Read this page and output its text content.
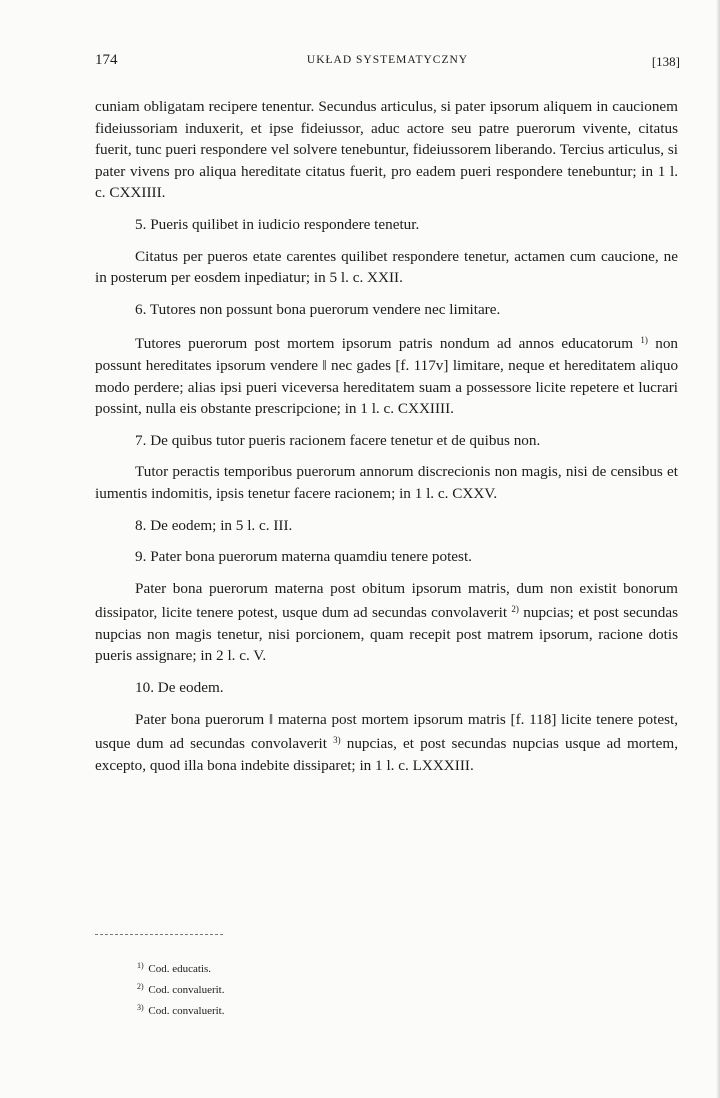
174	UKŁAD SYSTEMATYCZNY	[138]

cuniam obligatam recipere tenentur. Secundus articulus, si pater ipsorum aliquem in caucionem fideiussoriam induxerit, et ipse fideiussor, aduc actore seu patre puerorum vivente, citatus fuerit, tunc pueri respondere vel solvere tenebuntur, fideiussorem liberando. Tercius articulus, si pater vivens pro aliqua hereditate citatus fuerit, pro eadem pueri respondere tenebuntur; in 1 l. c. CXXIIII.

5. Pueris quilibet in iudicio respondere tenetur.

Citatus per pueros etate carentes quilibet respondere tenetur, actamen cum caucione, ne in posterum per eosdem inpediatur; in 5 l. c. XXII.

6. Tutores non possunt bona puerorum vendere nec limitare.

Tutores puerorum post mortem ipsorum patris nondum ad annos educatorum $^{1)}$ non possunt hereditates ipsorum vendere ‖ nec gades [f. 117v] limitare, neque et hereditatem aliquo modo perdere; alias ipsi pueri viceversa hereditatem suam a possessore licite repetere et lucrari possint, nulla eis obstante prescripcione; in 1 l. c. CXXIIII.

7. De quibus tutor pueris racionem facere tenetur et de quibus non.

Tutor peractis temporibus puerorum annorum discrecionis non magis, nisi de censibus et iumentis indomitis, ipsis tenetur facere racionem; in 1 l. c. CXXV.

8. De eodem; in 5 l. c. III.
9. Pater bona puerorum materna quamdiu tenere potest.

Pater bona puerorum materna post obitum ipsorum matris, dum non existit bonorum dissipator, licite tenere potest, usque dum ad secundas convolaverit $^{2)}$ nupcias; et post secundas nupcias non magis tenetur, nisi porcionem, quam recepit post matrem ipsorum, racione dotis pueris assignare; in 2 l. c. V.

10. De eodem.

Pater bona puerorum ‖ materna post mortem ipsorum matris [f. 118] licite tenere potest, usque dum ad secundas convolaverit $^{3)}$ nupcias, et post secundas nupcias usque ad mortem, excepto, quod illa bona indebite dissiparet; in 1 l. c. LXXXIII.

$^{1)}$ Cod. educatis.
$^{2)}$ Cod. convaluerit.
$^{3)}$ Cod. convaluerit.
